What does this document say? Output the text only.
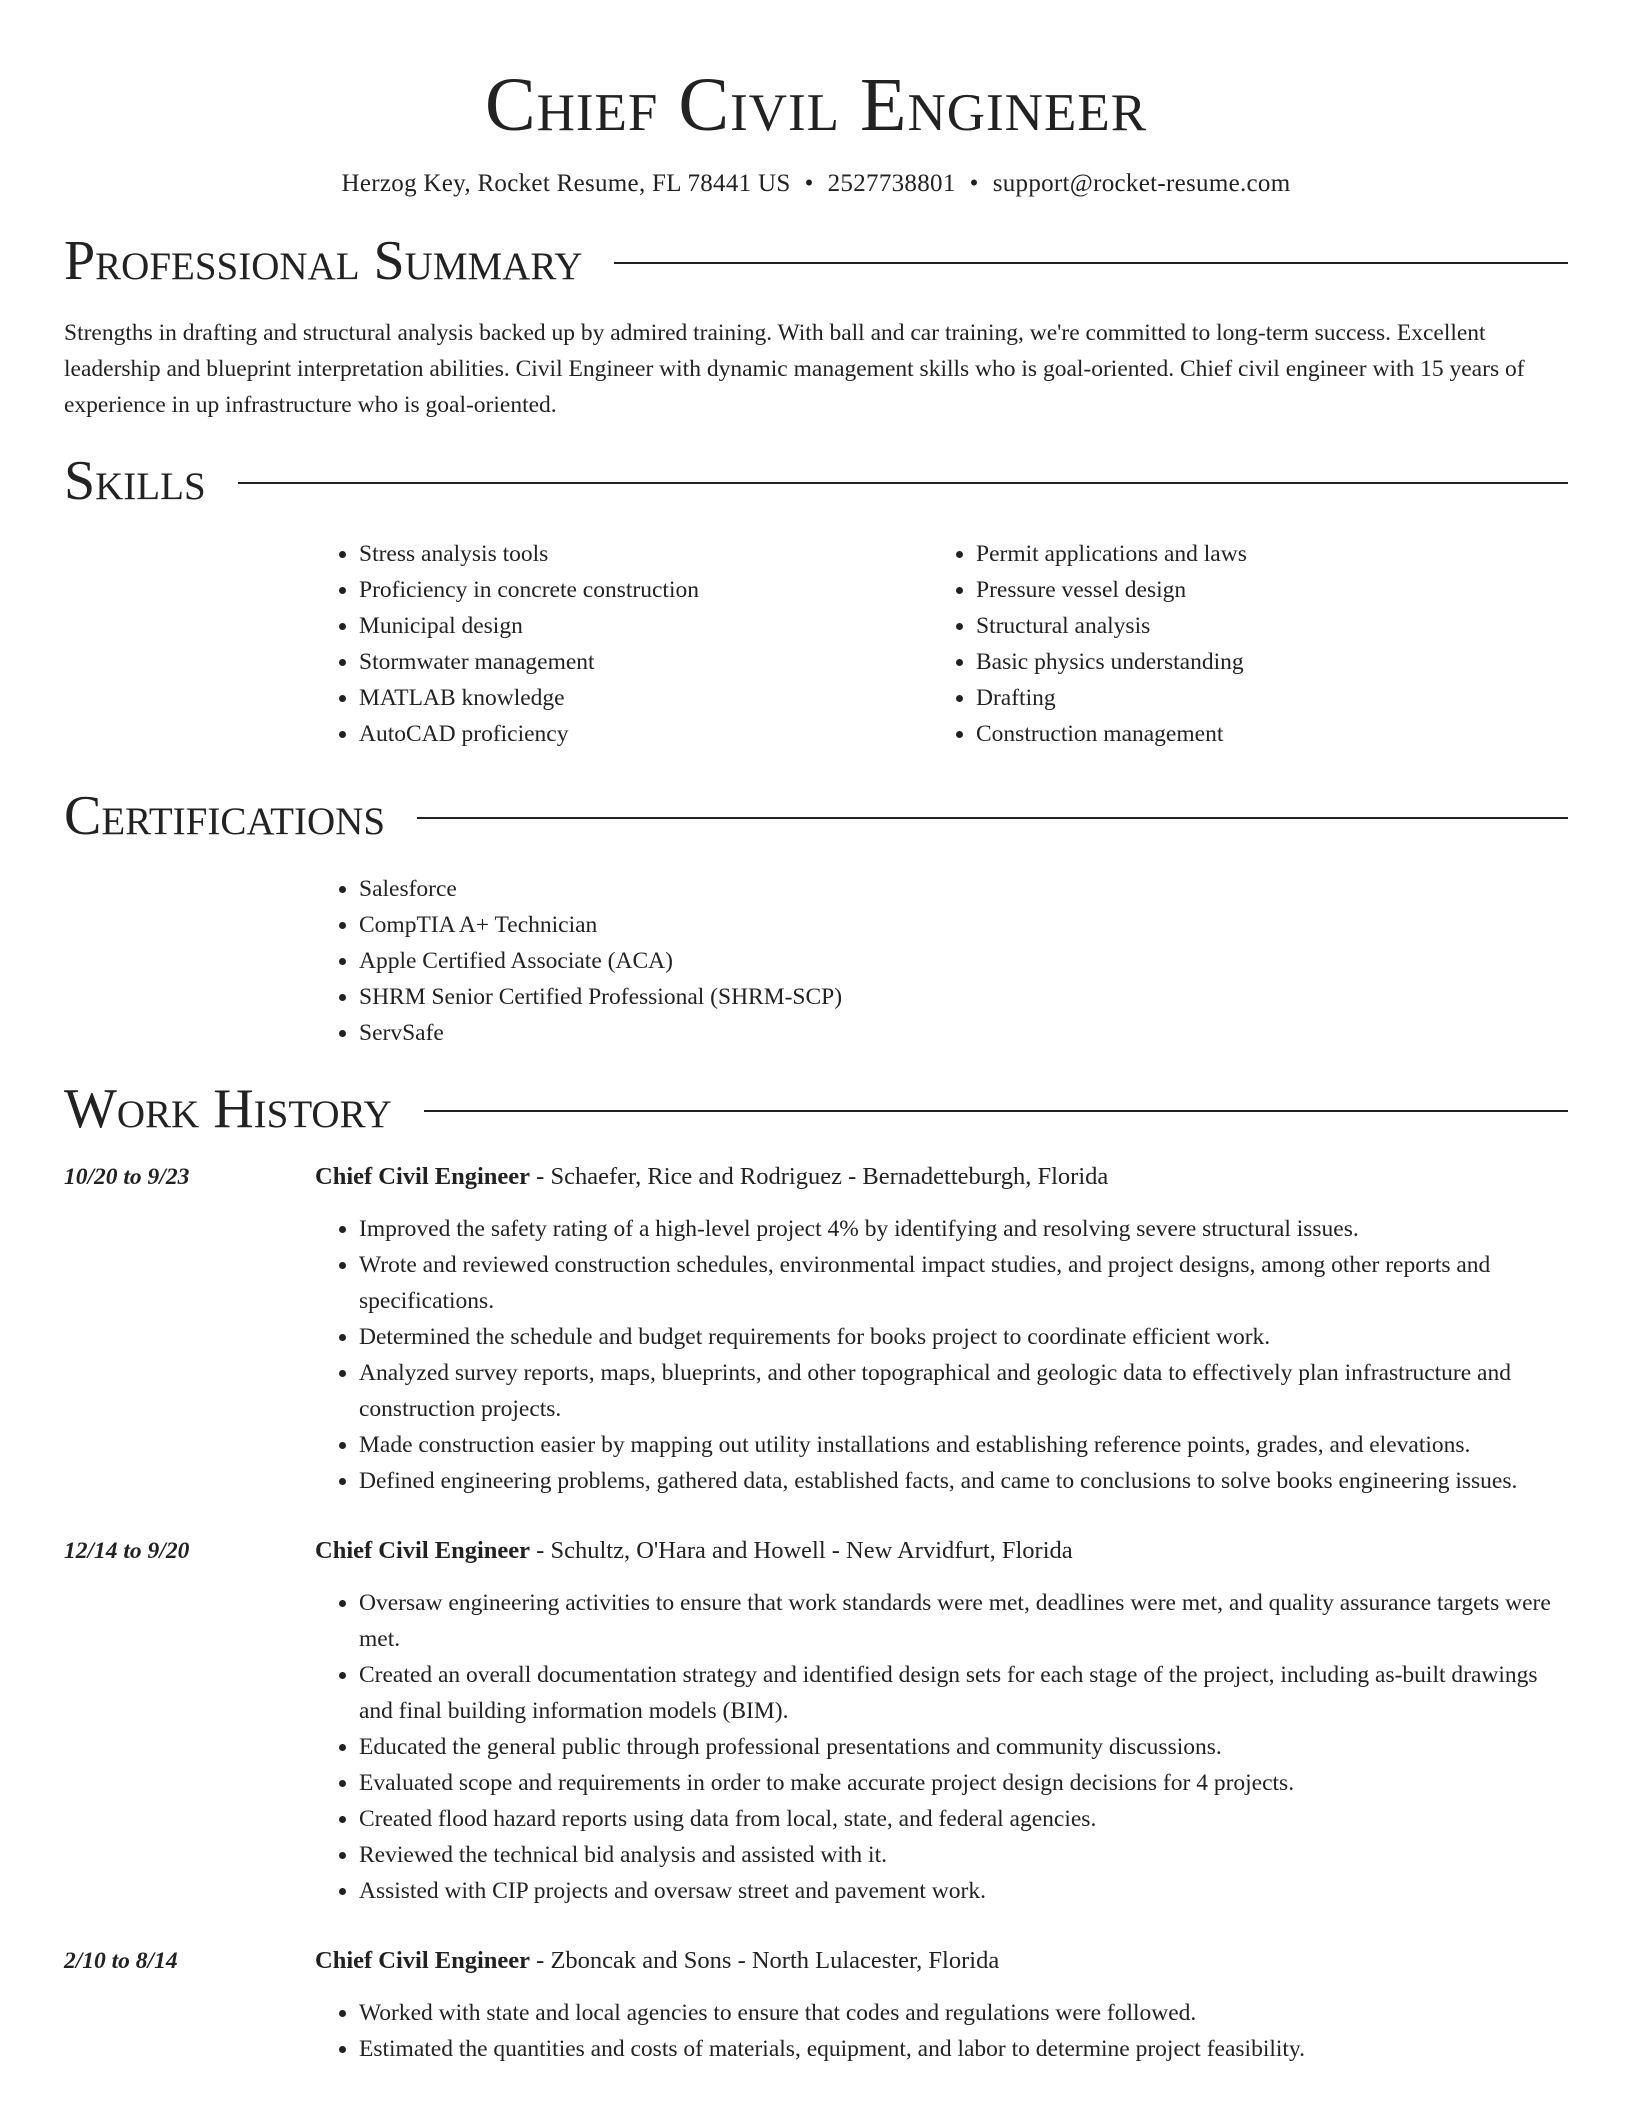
Chief Civil Engineer
Herzog Key, Rocket Resume, FL 78441 US • 2527738801 • support@rocket-resume.com
Professional Summary

Strengths in drafting and structural analysis backed up by admired training. With ball and car training, we're committed to long-term success. Excellent leadership and blueprint interpretation abilities. Civil Engineer with dynamic management skills who is goal-oriented. Chief civil engineer with 15 years of experience in up infrastructure who is goal-oriented.

Skills
• Stress analysis tools
• Proficiency in concrete construction
• Municipal design
• Stormwater management
• MATLAB knowledge
• AutoCAD proficiency
• Permit applications and laws
• Pressure vessel design
• Structural analysis
• Basic physics understanding
• Drafting
• Construction management
Certifications
• Salesforce
• CompTIA A+ Technician
• Apple Certified Associate (ACA)
• SHRM Senior Certified Professional (SHRM-SCP)
• ServSafe
Work History
10/20 to 9/23	Chief Civil Engineer - Schaefer, Rice and Rodriguez - Bernadetteburgh, Florida
• Improved the safety rating of a high-level project 4% by identifying and resolving severe structural issues.
• Wrote and reviewed construction schedules, environmental impact studies, and project designs, among other reports and specifications.
• Determined the schedule and budget requirements for books project to coordinate efficient work.
• Analyzed survey reports, maps, blueprints, and other topographical and geologic data to effectively plan infrastructure and construction projects.
• Made construction easier by mapping out utility installations and establishing reference points, grades, and elevations.
• Defined engineering problems, gathered data, established facts, and came to conclusions to solve books engineering issues.
12/14 to 9/20	Chief Civil Engineer - Schultz, O'Hara and Howell - New Arvidfurt, Florida
• Oversaw engineering activities to ensure that work standards were met, deadlines were met, and quality assurance targets were met.
• Created an overall documentation strategy and identified design sets for each stage of the project, including as-built drawings and final building information models (BIM).
• Educated the general public through professional presentations and community discussions.
• Evaluated scope and requirements in order to make accurate project design decisions for 4 projects.
• Created flood hazard reports using data from local, state, and federal agencies.
• Reviewed the technical bid analysis and assisted with it.
• Assisted with CIP projects and oversaw street and pavement work.
2/10 to 8/14	Chief Civil Engineer - Zboncak and Sons - North Lulacester, Florida
• Worked with state and local agencies to ensure that codes and regulations were followed.
• Estimated the quantities and costs of materials, equipment, and labor to determine project feasibility.
